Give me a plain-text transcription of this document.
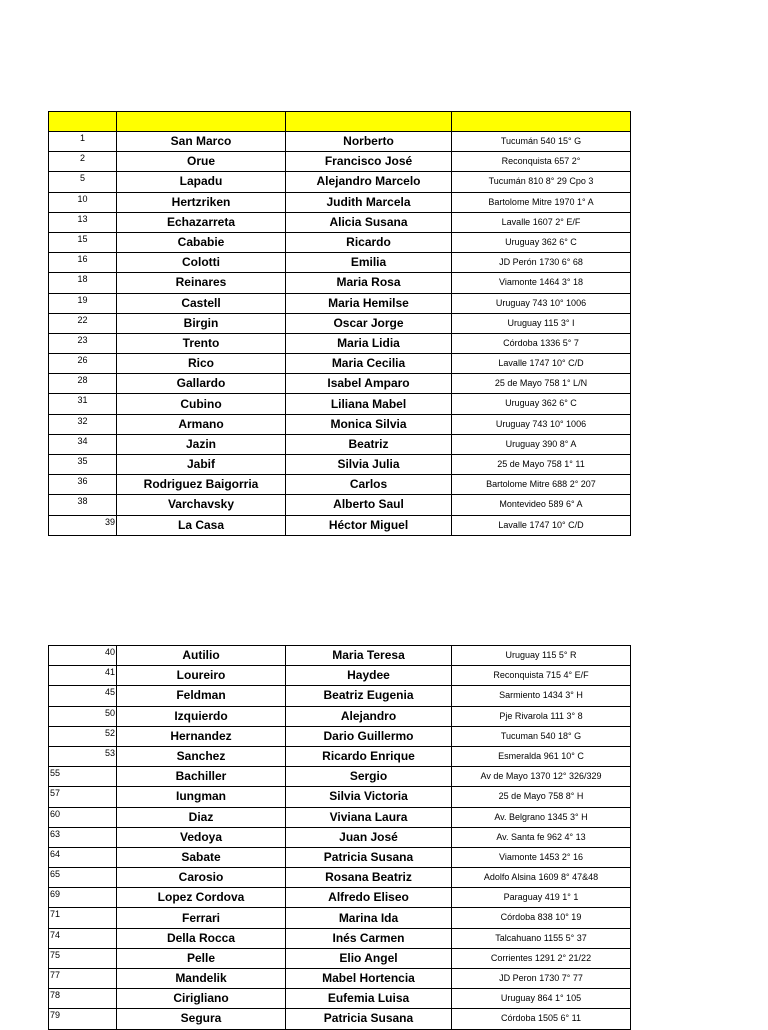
1	San Marco	Norberto	Tucumán 540 15° G
2	Orue	Francisco José	Reconquista 657 2°
5	Lapadu	Alejandro Marcelo	Tucumán 810 8° 29 Cpo 3
10	Hertzriken	Judith Marcela	Bartolome Mitre 1970 1° A
13	Echazarreta	Alicia Susana	Lavalle 1607 2° E/F
15	Cababie	Ricardo	Uruguay 362 6° C
16	Colotti	Emilia	JD Perón 1730 6° 68
18	Reinares	Maria Rosa	Viamonte 1464 3° 18
19	Castell	Maria Hemilse	Uruguay 743 10° 1006
22	Birgin	Oscar Jorge	Uruguay 115 3° I
23	Trento	Maria Lidia	Córdoba 1336 5° 7
26	Rico	Maria Cecilia	Lavalle 1747 10° C/D
28	Gallardo	Isabel Amparo	25 de Mayo 758 1° L/N
31	Cubino	Liliana Mabel	Uruguay 362 6° C
32	Armano	Monica Silvia	Uruguay 743 10° 1006
34	Jazin	Beatriz	Uruguay 390 8° A
35	Jabif	Silvia Julia	25 de Mayo 758 1° 11
36	Rodriguez Baigorria	Carlos	Bartolome Mitre 688 2° 207
38	Varchavsky	Alberto Saul	Montevideo 589 6° A
39	La Casa	Héctor Miguel	Lavalle 1747 10° C/D
40	Autilio	Maria Teresa	Uruguay 115 5° R
41	Loureiro	Haydee	Reconquista 715 4° E/F
45	Feldman	Beatriz Eugenia	Sarmiento 1434 3° H
50	Izquierdo	Alejandro	Pje Rivarola 111 3° 8
52	Hernandez	Dario Guillermo	Tucuman 540 18° G
53	Sanchez	Ricardo Enrique	Esmeralda 961 10° C
55	Bachiller	Sergio	Av de Mayo 1370 12° 326/329
57	Iungman	Silvia Victoria	25 de Mayo 758 8° H
60	Diaz	Viviana Laura	Av. Belgrano 1345 3° H
63	Vedoya	Juan José	Av. Santa fe 962 4° 13
64	Sabate	Patricia Susana	Viamonte 1453 2° 16
65	Carosio	Rosana Beatriz	Adolfo Alsina 1609 8° 47&48
69	Lopez Cordova	Alfredo Eliseo	Paraguay 419 1° 1
71	Ferrari	Marina Ida	Córdoba 838 10° 19
74	Della Rocca	Inés Carmen	Talcahuano 1155 5° 37
75	Pelle	Elio Angel	Corrientes 1291 2° 21/22
77	Mandelik	Mabel Hortencia	JD Peron 1730 7° 77
78	Cirigliano	Eufemia Luisa	Uruguay 864 1° 105
79	Segura	Patricia Susana	Córdoba 1505 6° 11
